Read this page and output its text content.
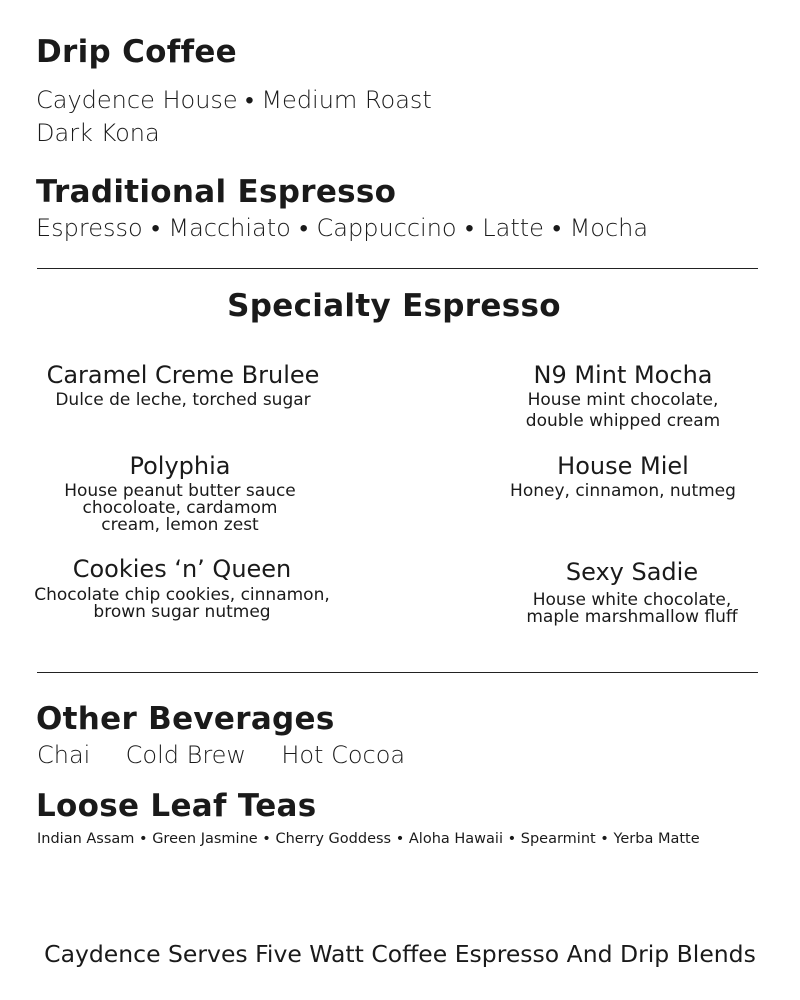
Drip Coffee
Caydence House • Medium Roast
Dark Kona
Traditional Espresso
Espresso • Macchiato • Cappuccino • Latte • Mocha
Specialty Espresso
Caramel Creme Brulee
Dulce de leche, torched sugar
N9 Mint Mocha
House mint chocolate,
double whipped cream
Polyphia
House peanut butter sauce
chocoloate, cardamom
cream, lemon zest
House Miel
Honey, cinnamon, nutmeg
Cookies ‘n’ Queen
Chocolate chip cookies, cinnamon,
brown sugar nutmeg
Sexy Sadie
House white chocolate,
maple marshmallow fluff
Other Beverages
Chai Cold Brew Hot Cocoa
Loose Leaf Teas
Indian Assam • Green Jasmine • Cherry Goddess • Aloha Hawaii • Spearmint • Yerba Matte
Caydence Serves Five Watt Coffee Espresso And Drip Blends
